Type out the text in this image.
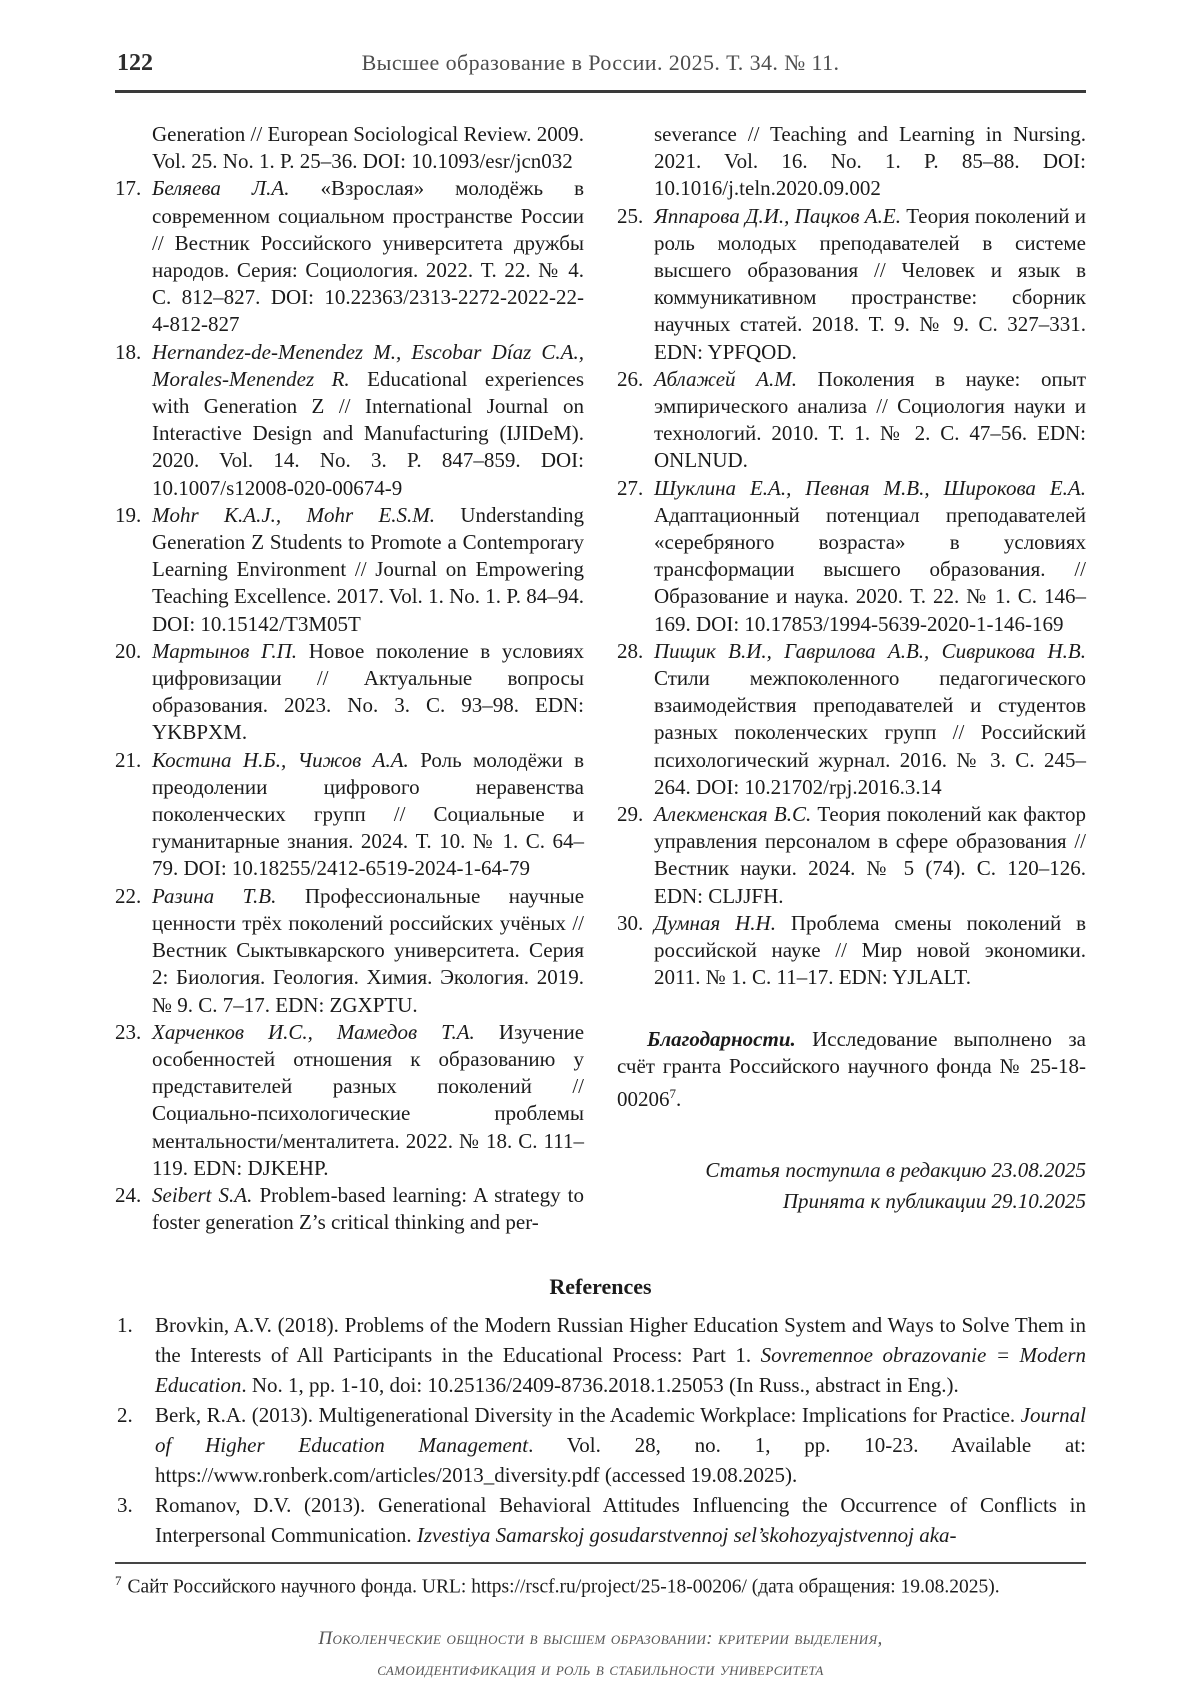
122	Высшее образование в России. 2025. Т. 34. № 11.
Generation // European Sociological Review. 2009. Vol. 25. No. 1. P. 25–36. DOI: 10.1093/esr/jcn032
17. Беляева Л.А. «Взрослая» молодёжь в современном социальном пространстве России // Вестник Российского университета дружбы народов. Серия: Социология. 2022. Т. 22. № 4. С. 812–827. DOI: 10.22363/2313-2272-2022-22-4-812-827
18. Hernandez-de-Menendez M., Escobar Díaz C.A., Morales-Menendez R. Educational experiences with Generation Z // International Journal on Interactive Design and Manufacturing (IJIDeM). 2020. Vol. 14. No. 3. P. 847–859. DOI: 10.1007/s12008-020-00674-9
19. Mohr K.A.J., Mohr E.S.M. Understanding Generation Z Students to Promote a Contemporary Learning Environment // Journal on Empowering Teaching Excellence. 2017. Vol. 1. No. 1. P. 84–94. DOI: 10.15142/T3M05T
20. Мартынов Г.П. Новое поколение в условиях цифровизации // Актуальные вопросы образования. 2023. No. 3. С. 93–98. EDN: YKBPXM.
21. Костина Н.Б., Чижов А.А. Роль молодёжи в преодолении цифрового неравенства поколенческих групп // Социальные и гуманитарные знания. 2024. Т. 10. № 1. С. 64–79. DOI: 10.18255/2412-6519-2024-1-64-79
22. Разина Т.В. Профессиональные научные ценности трёх поколений российских учёных // Вестник Сыктывкарского университета. Серия 2: Биология. Геология. Химия. Экология. 2019. № 9. С. 7–17. EDN: ZGXPTU.
23. Харченков И.С., Мамедов Т.А. Изучение особенностей отношения к образованию у представителей разных поколений // Социально-психологические проблемы ментальности/менталитета. 2022. № 18. С. 111–119. EDN: DJKEHP.
24. Seibert S.A. Problem-based learning: A strategy to foster generation Z’s critical thinking and per-
severance // Teaching and Learning in Nursing. 2021. Vol. 16. No. 1. P. 85–88. DOI: 10.1016/j.teln.2020.09.002
25. Яппарова Д.И., Пацков А.Е. Теория поколений и роль молодых преподавателей в системе высшего образования // Человек и язык в коммуникативном пространстве: сборник научных статей. 2018. Т. 9. № 9. С. 327–331. EDN: YPFQOD.
26. Аблажей А.М. Поколения в науке: опыт эмпирического анализа // Социология науки и технологий. 2010. Т. 1. № 2. С. 47–56. EDN: ONLNUD.
27. Шуклина Е.А., Певная М.В., Широкова Е.А. Адаптационный потенциал преподавателей «серебряного возраста» в условиях трансформации высшего образования. // Образование и наука. 2020. Т. 22. № 1. С. 146–169. DOI: 10.17853/1994-5639-2020-1-146-169
28. Пищик В.И., Гаврилова А.В., Сиврикова Н.В. Стили межпоколенного педагогического взаимодействия преподавателей и студентов разных поколенческих групп // Российский психологический журнал. 2016. № 3. С. 245–264. DOI: 10.21702/rpj.2016.3.14
29. Алекменская В.С. Теория поколений как фактор управления персоналом в сфере образования // Вестник науки. 2024. № 5 (74). С. 120–126. EDN: CLJJFH.
30. Думная Н.Н. Проблема смены поколений в российской науке // Мир новой экономики. 2011. № 1. С. 11–17. EDN: YJLALT.

Благодарности. Исследование выполнено за счёт гранта Российского научного фонда № 25-18-00206$^7$.

Статья поступила в редакцию 23.08.2025
Принята к публикации 29.10.2025
References
1. Brovkin, A.V. (2018). Problems of the Modern Russian Higher Education System and Ways to Solve Them in the Interests of All Participants in the Educational Process: Part 1. Sovremennoe obrazovanie = Modern Education. No. 1, pp. 1-10, doi: 10.25136/2409-8736.2018.1.25053 (In Russ., abstract in Eng.).
2. Berk, R.A. (2013). Multigenerational Diversity in the Academic Workplace: Implications for Practice. Journal of Higher Education Management. Vol. 28, no. 1, pp. 10-23. Available at: https://www.ronberk.com/articles/2013_diversity.pdf (accessed 19.08.2025).
3. Romanov, D.V. (2013). Generational Behavioral Attitudes Influencing the Occurrence of Conflicts in Interpersonal Communication. Izvestiya Samarskoj gosudarstvennoj sel’skohozyajstvennoj aka-
$^7$ Сайт Российского научного фонда. URL: https://rscf.ru/project/25-18-00206/ (дата обращения: 19.08.2025).
Поколенческие общности в высшем образовании: критерии выделения,
самоидентификация и роль в стабильности университета
